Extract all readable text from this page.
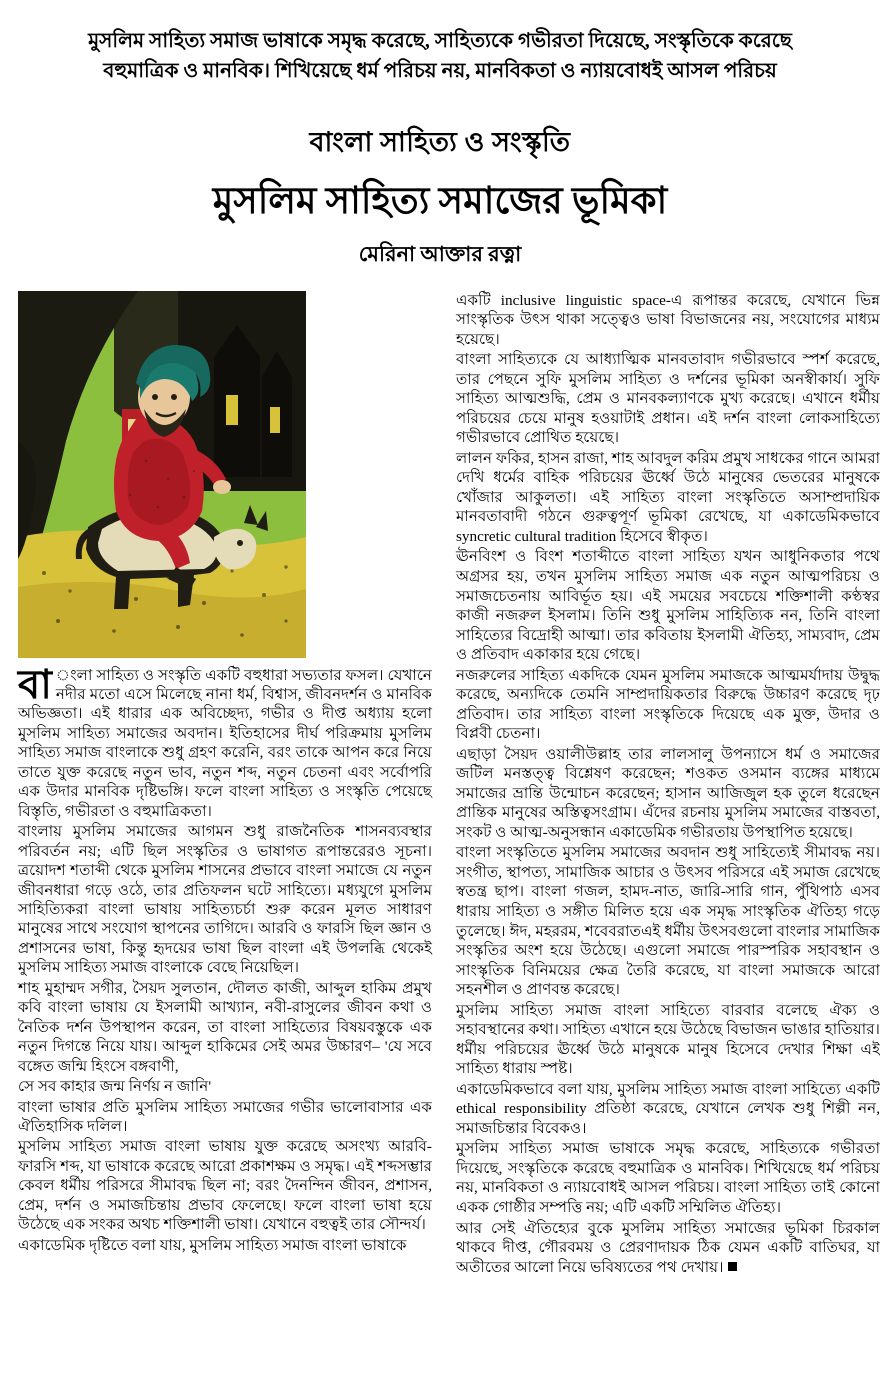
মুসলিম সাহিত্য সমাজ ভাষাকে সমৃদ্ধ করেছে, সাহিত্যকে গভীরতা দিয়েছে, সংস্কৃতিকে করেছে বহুমাত্রিক ও মানবিক। শিখিয়েছে ধর্ম পরিচয় নয়, মানবিকতা ও ন্যায়বোধই আসল পরিচয়
বাংলা সাহিত্য ও সংস্কৃতি
মুসলিম সাহিত্য সমাজের ভূমিকা
মেরিনা আক্তার রত্না

বা ংলা সাহিত্য ও সংস্কৃতি একটি বহুধারা সভ্যতার ফসল। যেখানে নদীর মতো এসে মিলেছে নানা ধর্ম, বিশ্বাস, জীবনদর্শন ও মানবিক অভিজ্ঞতা। এই ধারার এক অবিচ্ছেদ্য, গভীর ও দীপ্ত অধ্যায় হলো মুসলিম সাহিত্য সমাজের অবদান। ইতিহাসের দীর্ঘ পরিক্রমায় মুসলিম সাহিত্য সমাজ বাংলাকে শুধু গ্রহণ করেনি, বরং তাকে আপন করে নিয়ে তাতে যুক্ত করেছে নতুন ভাব, নতুন শব্দ, নতুন চেতনা এবং সর্বোপরি এক উদার মানবিক দৃষ্টিভঙ্গি। ফলে বাংলা সাহিত্য ও সংস্কৃতি পেয়েছে বিস্তৃতি, গভীরতা ও বহুমাত্রিকতা।

বাংলায় মুসলিম সমাজের আগমন শুধু রাজনৈতিক শাসনব্যবস্থার পরিবর্তন নয়; এটি ছিল সংস্কৃতির ও ভাষাগত রূপান্তরেরও সূচনা। ত্রয়োদশ শতাব্দী থেকে মুসলিম শাসনের প্রভাবে বাংলা সমাজে যে নতুন জীবনধারা গড়ে ওঠে, তার প্রতিফলন ঘটে সাহিত্যে। মধ্যযুগে মুসলিম সাহিত্যিকরা বাংলা ভাষায় সাহিত্যচর্চা শুরু করেন মূলত সাধারণ মানুষের সাথে সংযোগ স্থাপনের তাগিদে। আরবি ও ফারসি ছিল জ্ঞান ও প্রশাসনের ভাষা, কিন্তু হৃদয়ের ভাষা ছিল বাংলা এই উপলব্ধি থেকেই মুসলিম সাহিত্য সমাজ বাংলাকে বেছে নিয়েছিল।

শাহ মুহাম্মদ সগীর, সৈয়দ সুলতান, দৌলত কাজী, আব্দুল হাকিম প্রমুখ কবি বাংলা ভাষায় যে ইসলামী আখ্যান, নবী-রাসুলের জীবন কথা ও নৈতিক দর্শন উপস্থাপন করেন, তা বাংলা সাহিত্যের বিষয়বস্তুকে এক নতুন দিগন্তে নিয়ে যায়। আব্দুল হাকিমের সেই অমর উচ্চারণ– 'যে সবে বঙ্গেত জন্মি হিংসে বঙ্গবাণী,

সে সব কাহার জন্ম নির্ণয় ন জানি'

বাংলা ভাষার প্রতি মুসলিম সাহিত্য সমাজের গভীর ভালোবাসার এক ঐতিহাসিক দলিল।

মুসলিম সাহিত্য সমাজ বাংলা ভাষায় যুক্ত করেছে অসংখ্য আরবি-ফারসি শব্দ, যা ভাষাকে করেছে আরো প্রকাশক্ষম ও সমৃদ্ধ। এই শব্দসম্ভার কেবল ধর্মীয় পরিসরে সীমাবদ্ধ ছিল না; বরং দৈনন্দিন জীবন, প্রশাসন, প্রেম, দর্শন ও সমাজচিন্তায় প্রভাব ফেলেছে। ফলে বাংলা ভাষা হয়ে উঠেছে এক সংকর অথচ শক্তিশালী ভাষা। যেখানে বহুত্বই তার সৌন্দর্য।

একাডেমিক দৃষ্টিতে বলা যায়, মুসলিম সাহিত্য সমাজ বাংলা ভাষাকে

একটি inclusive linguistic space-এ রূপান্তর করেছে, যেখানে ভিন্ন সাংস্কৃতিক উৎস থাকা সত্ত্বেও ভাষা বিভাজনের নয়, সংযোগের মাধ্যম হয়েছে।

বাংলা সাহিত্যকে যে আধ্যাত্মিক মানবতাবাদ গভীরভাবে স্পর্শ করেছে, তার পেছনে সুফি মুসলিম সাহিত্য ও দর্শনের ভূমিকা অনস্বীকার্য। সুফি সাহিত্য আত্মশুদ্ধি, প্রেম ও মানবকল্যাণকে মুখ্য করেছে। এখানে ধর্মীয় পরিচয়ের চেয়ে মানুষ হওয়াটাই প্রধান। এই দর্শন বাংলা লোকসাহিত্যে গভীরভাবে প্রোথিত হয়েছে।

লালন ফকির, হাসন রাজা, শাহ আবদুল করিম প্রমুখ সাধকের গানে আমরা দেখি ধর্মের বাহিক পরিচয়ের ঊর্ধ্বে উঠে মানুষের ভেতরের মানুষকে খোঁজার আকুলতা। এই সাহিত্য বাংলা সংস্কৃতিতে অসাম্প্রদায়িক মানবতাবাদী গঠনে গুরুত্বপূর্ণ ভূমিকা রেখেছে, যা একাডেমিকভাবে syncretic cultural tradition হিসেবে স্বীকৃত।

ঊনবিংশ ও বিংশ শতাব্দীতে বাংলা সাহিত্য যখন আধুনিকতার পথে অগ্রসর হয়, তখন মুসলিম সাহিত্য সমাজ এক নতুন আত্মপরিচয় ও সমাজচেতনায় আবির্ভূত হয়। এই সময়ের সবচেয়ে শক্তিশালী কণ্ঠস্বর কাজী নজরুল ইসলাম। তিনি শুধু মুসলিম সাহিত্যিক নন, তিনি বাংলা সাহিত্যের বিদ্রোহী আত্মা। তার কবিতায় ইসলামী ঐতিহ্য, সাম্যবাদ, প্রেম ও প্রতিবাদ একাকার হয়ে গেছে।

নজরুলের সাহিত্য একদিকে যেমন মুসলিম সমাজকে আত্মমর্যাদায় উদ্বুদ্ধ করেছে, অন্যদিকে তেমনি সাম্প্রদায়িকতার বিরুদ্ধে উচ্চারণ করেছে দৃঢ় প্রতিবাদ। তার সাহিত্য বাংলা সংস্কৃতিকে দিয়েছে এক মুক্ত, উদার ও বিপ্লবী চেতনা।

এছাড়া সৈয়দ ওয়ালীউল্লাহ তার লালসালু উপন্যাসে ধর্ম ও সমাজের জটিল মনস্তত্ত্ব বিশ্লেষণ করেছেন; শওকত ওসমান ব্যঙ্গের মাধ্যমে সমাজের ভ্রান্তি উন্মোচন করেছেন; হাসান আজিজুল হক তুলে ধরেছেন প্রান্তিক মানুষের অস্তিত্বসংগ্রাম। এঁদের রচনায় মুসলিম সমাজের বাস্তবতা, সংকট ও আত্ম-অনুসন্ধান একাডেমিক গভীরতায় উপস্থাপিত হয়েছে।

বাংলা সংস্কৃতিতে মুসলিম সমাজের অবদান শুধু সাহিত্যেই সীমাবদ্ধ নয়। সংগীত, স্থাপত্য, সামাজিক আচার ও উৎসব পরিসরে এই সমাজ রেখেছে স্বতন্ত্র ছাপ। বাংলা গজল, হামদ-নাত, জারি-সারি গান, পুঁথিপাঠ এসব ধারায় সাহিত্য ও সঙ্গীত মিলিত হয়ে এক সমৃদ্ধ সাংস্কৃতিক ঐতিহ্য গড়ে তুলেছে। ঈদ, মহররম, শবেবরাতএই ধর্মীয় উৎসবগুলো বাংলার সামাজিক সংস্কৃতির অংশ হয়ে উঠেছে। এগুলো সমাজে পারস্পরিক সহাবস্থান ও সাংস্কৃতিক বিনিময়ের ক্ষেত্র তৈরি করেছে, যা বাংলা সমাজকে আরো সহনশীল ও প্রাণবন্ত করেছে।

মুসলিম সাহিত্য সমাজ বাংলা সাহিত্যে বারবার বলেছে ঐক্য ও সহাবস্থানের কথা। সাহিত্য এখানে হয়ে উঠেছে বিভাজন ভাঙার হাতিয়ার। ধর্মীয় পরিচয়ের ঊর্ধ্বে উঠে মানুষকে মানুষ হিসেবে দেখার শিক্ষা এই সাহিত্য ধারায় স্পষ্ট।

একাডেমিকভাবে বলা যায়, মুসলিম সাহিত্য সমাজ বাংলা সাহিত্যে একটি ethical responsibility প্রতিষ্ঠা করেছে, যেখানে লেখক শুধু শিল্পী নন, সমাজচিন্তার বিবেকও।

মুসলিম সাহিত্য সমাজ ভাষাকে সমৃদ্ধ করেছে, সাহিত্যকে গভীরতা দিয়েছে, সংস্কৃতিকে করেছে বহুমাত্রিক ও মানবিক। শিখিয়েছে ধর্ম পরিচয় নয়, মানবিকতা ও ন্যায়বোধই আসল পরিচয়। বাংলা সাহিত্য তাই কোনো একক গোষ্ঠীর সম্পত্তি নয়; এটি একটি সম্মিলিত ঐতিহ্য।

আর সেই ঐতিহ্যের বুকে মুসলিম সাহিত্য সমাজের ভূমিকা চিরকাল থাকবে দীপ্ত, গৌরবময় ও প্রেরণাদায়ক ঠিক যেমন একটি বাতিঘর, যা অতীতের আলো নিয়ে ভবিষ্যতের পথ দেখায়।
